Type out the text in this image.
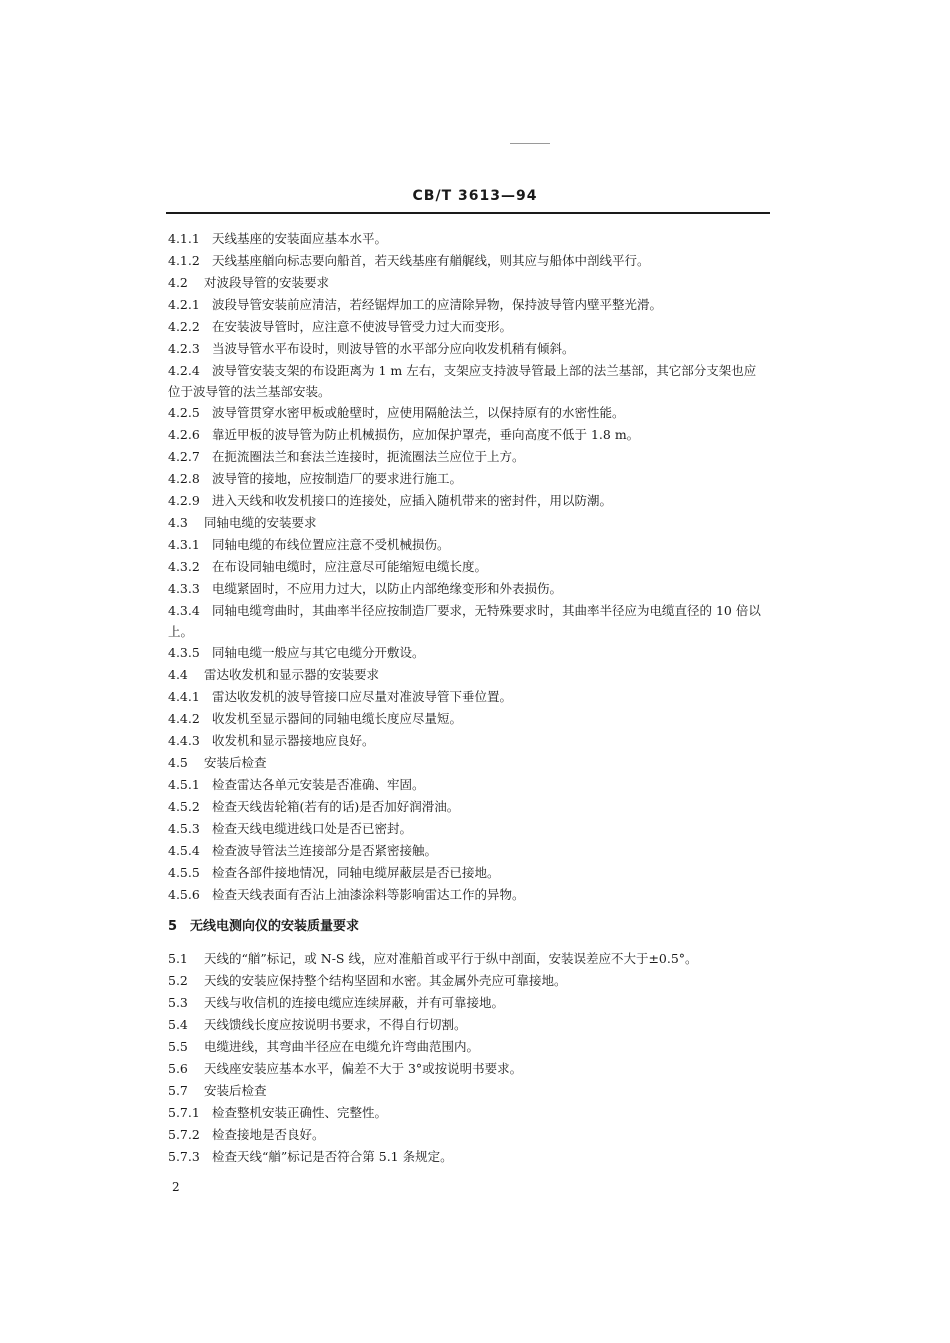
CB/T 3613—94
4.1.1 天线基座的安装面应基本水平。
4.1.2 天线基座艏向标志要向船首，若天线基座有艏艉线，则其应与船体中剖线平行。
4.2 对波段导管的安装要求
4.2.1 波段导管安装前应清洁，若经锯焊加工的应清除异物，保持波导管内壁平整光滑。
4.2.2 在安装波导管时，应注意不使波导管受力过大而变形。
4.2.3 当波导管水平布设时，则波导管的水平部分应向收发机稍有倾斜。
4.2.4 波导管安装支架的布设距离为 1 m 左右，支架应支持波导管最上部的法兰基部，其它部分支架也应位于波导管的法兰基部安装。
4.2.5 波导管贯穿水密甲板或舱壁时，应使用隔舱法兰，以保持原有的水密性能。
4.2.6 靠近甲板的波导管为防止机械损伤，应加保护罩壳，垂向高度不低于 1.8 m。
4.2.7 在扼流圈法兰和套法兰连接时，扼流圈法兰应位于上方。
4.2.8 波导管的接地，应按制造厂的要求进行施工。
4.2.9 进入天线和收发机接口的连接处，应插入随机带来的密封件，用以防潮。
4.3 同轴电缆的安装要求
4.3.1 同轴电缆的布线位置应注意不受机械损伤。
4.3.2 在布设同轴电缆时，应注意尽可能缩短电缆长度。
4.3.3 电缆紧固时，不应用力过大，以防止内部绝缘变形和外表损伤。
4.3.4 同轴电缆弯曲时，其曲率半径应按制造厂要求，无特殊要求时，其曲率半径应为电缆直径的 10 倍以上。
4.3.5 同轴电缆一般应与其它电缆分开敷设。
4.4 雷达收发机和显示器的安装要求
4.4.1 雷达收发机的波导管接口应尽量对准波导管下垂位置。
4.4.2 收发机至显示器间的同轴电缆长度应尽量短。
4.4.3 收发机和显示器接地应良好。
4.5 安装后检查
4.5.1 检查雷达各单元安装是否准确、牢固。
4.5.2 检查天线齿轮箱(若有的话)是否加好润滑油。
4.5.3 检查天线电缆进线口处是否已密封。
4.5.4 检查波导管法兰连接部分是否紧密接触。
4.5.5 检查各部件接地情况，同轴电缆屏蔽层是否已接地。
4.5.6 检查天线表面有否沾上油漆涂料等影响雷达工作的异物。
5 无线电测向仪的安装质量要求
5.1 天线的“艏”标记，或 N-S 线，应对准船首或平行于纵中剖面，安装误差应不大于±0.5°。
5.2 天线的安装应保持整个结构坚固和水密。其金属外壳应可靠接地。
5.3 天线与收信机的连接电缆应连续屏蔽，并有可靠接地。
5.4 天线馈线长度应按说明书要求，不得自行切割。
5.5 电缆进线，其弯曲半径应在电缆允许弯曲范围内。
5.6 天线座安装应基本水平，偏差不大于 3°或按说明书要求。
5.7 安装后检查
5.7.1 检查整机安装正确性、完整性。
5.7.2 检查接地是否良好。
5.7.3 检查天线“艏”标记是否符合第 5.1 条规定。
2
